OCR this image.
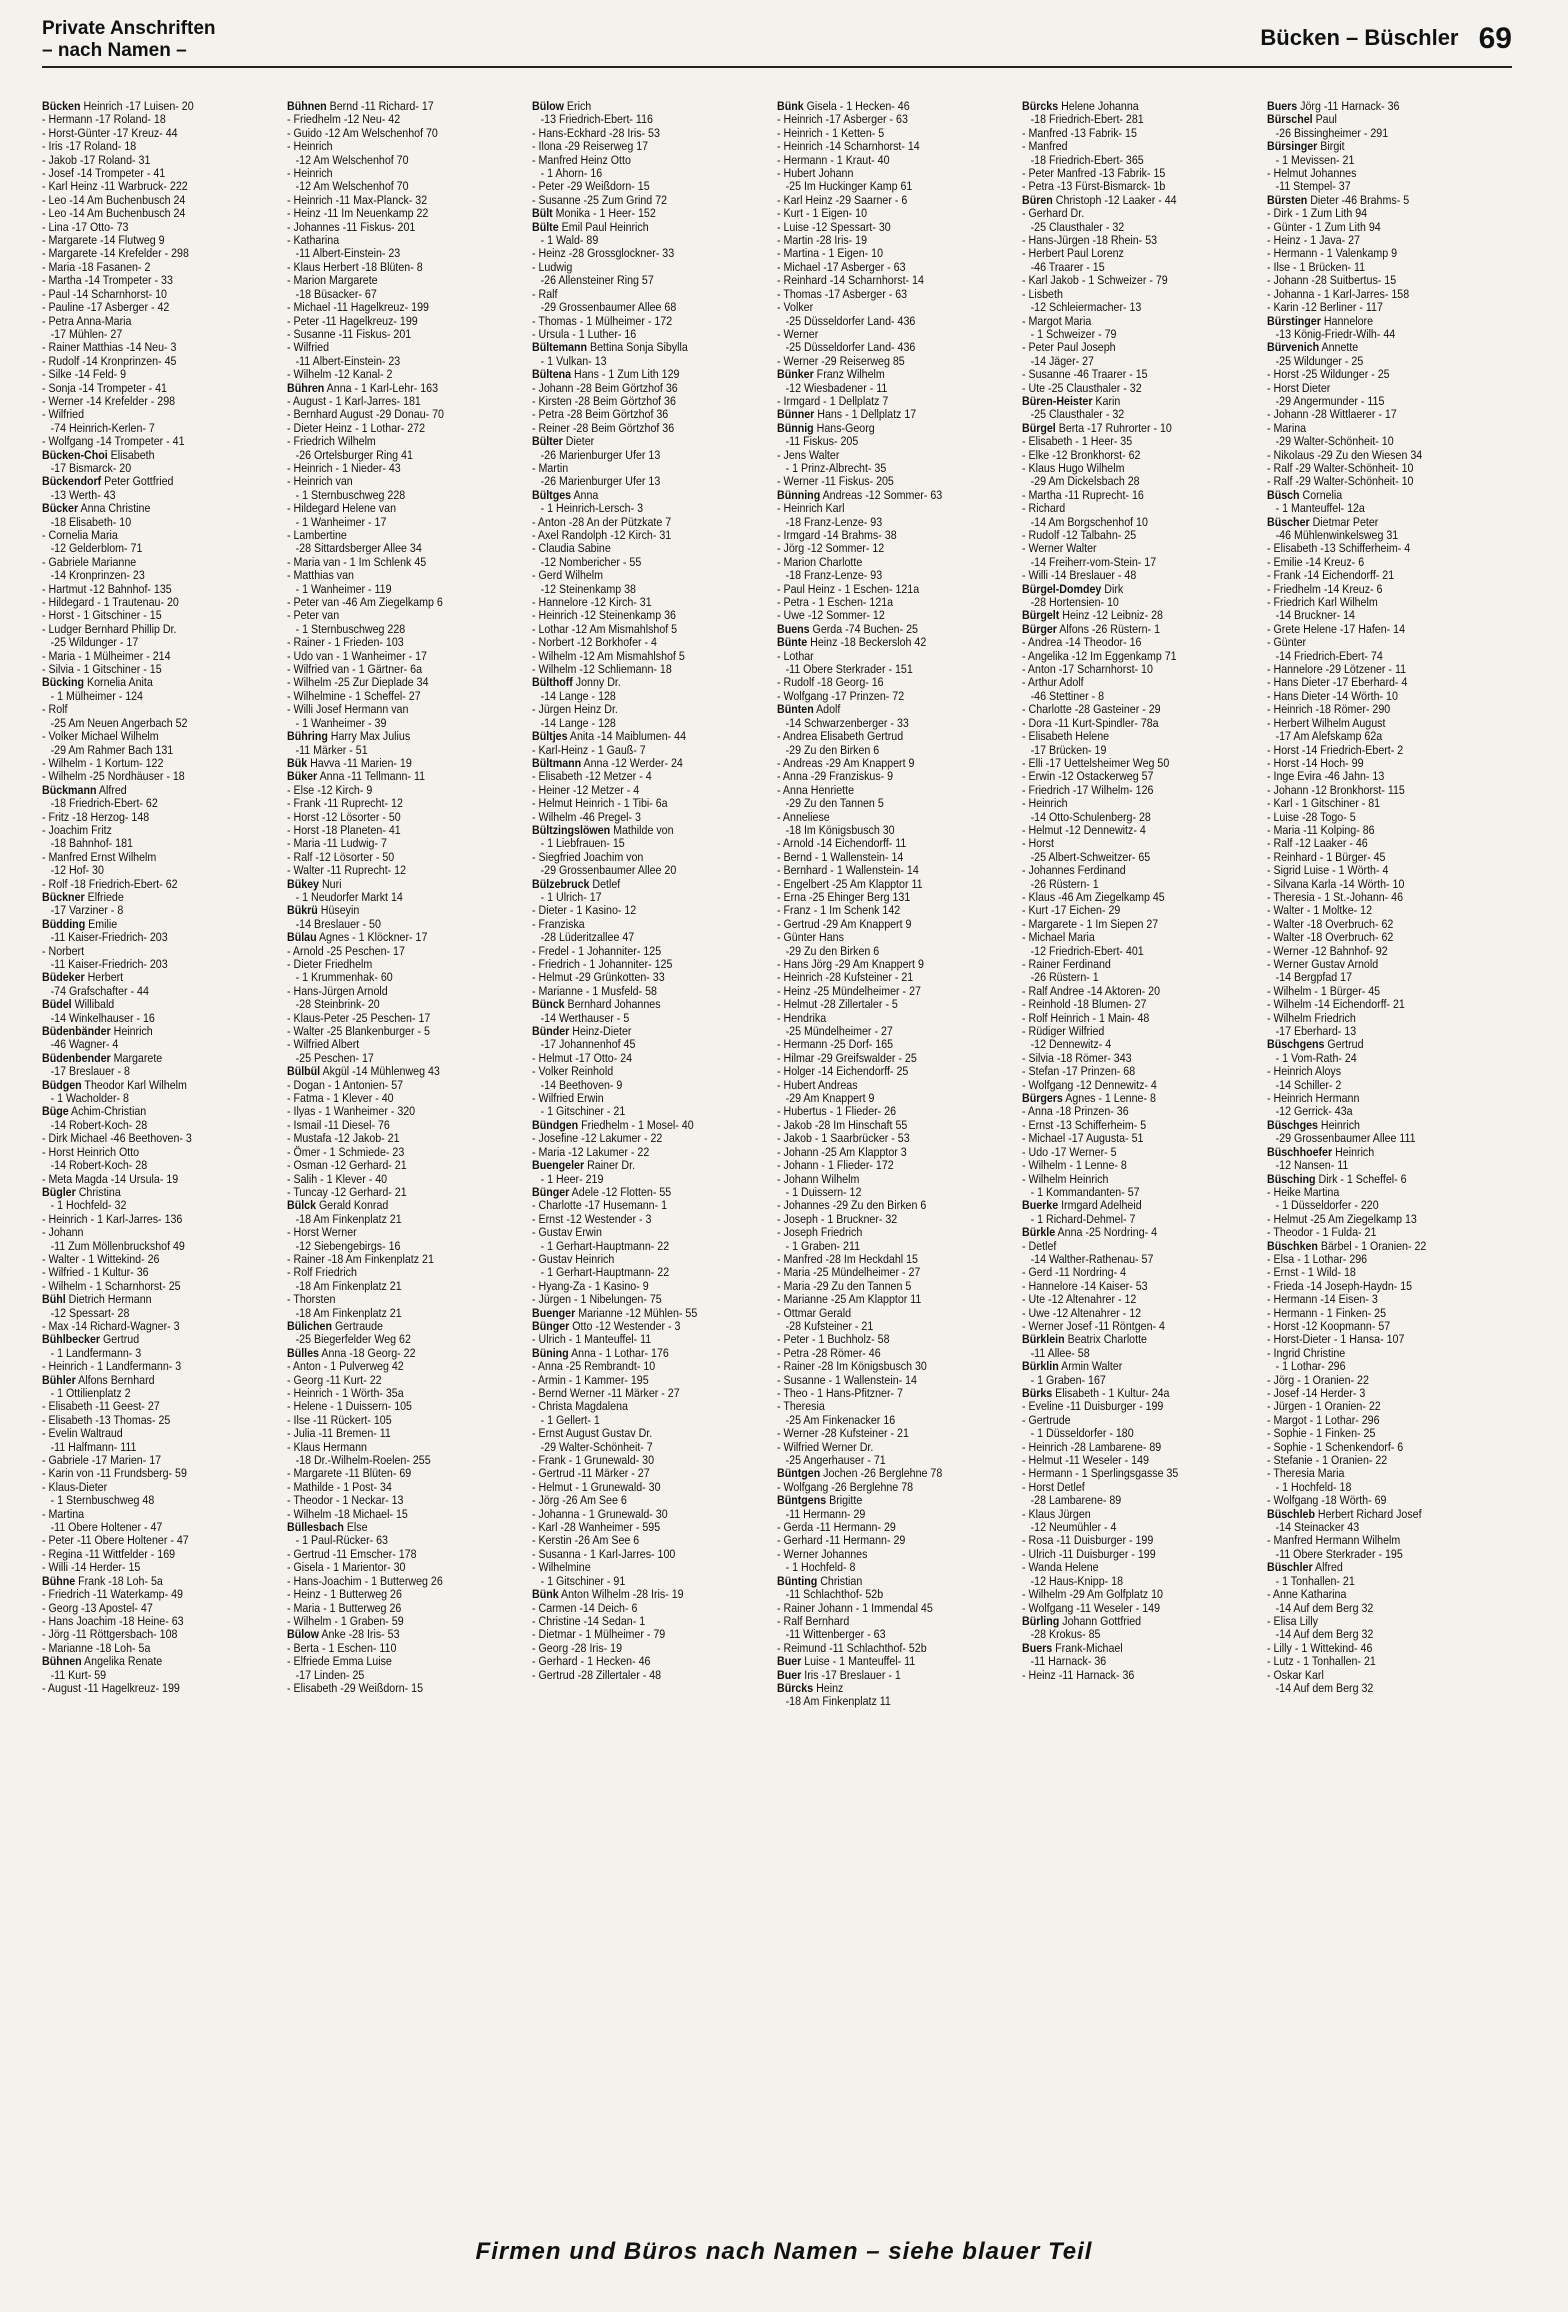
Private Anschriften
– nach Namen –
Bücken – Büschler 69
Bücken Heinrich -17 Luisen- 20
- Hermann -17 Roland- 18
- Horst-Günter -17 Kreuz- 44
- Iris -17 Roland- 18
- Jakob -17 Roland- 31
- Josef -14 Trompeter - 41
- Karl Heinz -11 Warbruck- 222
- Leo -14 Am Buchenbusch 24
- Leo -14 Am Buchenbusch 24
- Lina -17 Otto- 73
- Margarete -14 Flutweg 9
- Margarete -14 Krefelder - 298
- Maria -18 Fasanen- 2
- Martha -14 Trompeter - 33
- Paul -14 Scharnhorst- 10
- Pauline -17 Asberger - 42
- Petra Anna-Maria
-17 Mühlen- 27
- Rainer Matthias -14 Neu- 3
- Rudolf -14 Kronprinzen- 45
- Silke -14 Feld- 9
- Sonja -14 Trompeter - 41
- Werner -14 Krefelder - 298
- Wilfried
-74 Heinrich-Kerlen- 7
- Wolfgang -14 Trompeter - 41
Bücken-Choi Elisabeth
-17 Bismarck- 20
Bückendorf Peter Gottfried
-13 Werth- 43
Bücker Anna Christine
-18 Elisabeth- 10
- Cornelia Maria
-12 Gelderblom- 71
- Gabriele Marianne
-14 Kronprinzen- 23
- Hartmut -12 Bahnhof- 135
- Hildegard - 1 Trautenau- 20
- Horst - 1 Gitschiner - 15
- Ludger Bernhard Phillip Dr.
-25 Wildunger - 17
- Maria - 1 Mülheimer - 214
- Silvia - 1 Gitschiner - 15
Bücking Kornelia Anita
- 1 Mülheimer - 124
- Rolf
-25 Am Neuen Angerbach 52
- Volker Michael Wilhelm
-29 Am Rahmer Bach 131
- Wilhelm - 1 Kortum- 122
- Wilhelm -25 Nordhäuser - 18
Bückmann Alfred
-18 Friedrich-Ebert- 62
- Fritz -18 Herzog- 148
- Joachim Fritz
-18 Bahnhof- 181
- Manfred Ernst Wilhelm
-12 Hof- 30
- Rolf -18 Friedrich-Ebert- 62
Bückner Elfriede
-17 Varziner - 8
Büdding Emilie
-11 Kaiser-Friedrich- 203
- Norbert
-11 Kaiser-Friedrich- 203
Büdeker Herbert
-74 Grafschafter - 44
Büdel Willibald
-14 Winkelhauser - 16
Büdenbänder Heinrich
-46 Wagner- 4
Büdenbender Margarete
-17 Breslauer - 8
Büdgen Theodor Karl Wilhelm
- 1 Wacholder- 8
Büge Achim-Christian
-14 Robert-Koch- 28
- Dirk Michael -46 Beethoven- 3
- Horst Heinrich Otto
-14 Robert-Koch- 28
- Meta Magda -14 Ursula- 19
Bügler Christina
- 1 Hochfeld- 32
- Heinrich - 1 Karl-Jarres- 136
- Johann
-11 Zum Möllenbruckshof 49
- Walter - 1 Wittekind- 26
- Wilfried - 1 Kultur- 36
- Wilhelm - 1 Scharnhorst- 25
Bühl Dietrich Hermann
-12 Spessart- 28
- Max -14 Richard-Wagner- 3
Bühlbecker Gertrud
- 1 Landfermann- 3
- Heinrich - 1 Landfermann- 3
Bühler Alfons Bernhard
- 1 Ottilienplatz 2
- Elisabeth -11 Geest- 27
- Elisabeth -13 Thomas- 25
- Evelin Waltraud
-11 Halfmann- 111
- Gabriele -17 Marien- 17
- Karin von -11 Frundsberg- 59
- Klaus-Dieter
- 1 Sternbuschweg 48
- Martina
-11 Obere Holtener - 47
- Peter -11 Obere Holtener - 47
- Regina -11 Wittfelder - 169
- Willi -14 Herder- 15
Bühne Frank -18 Loh- 5a
- Friedrich -11 Waterkamp- 49
- Georg -13 Apostel- 47
- Hans Joachim -18 Heine- 63
- Jörg -11 Röttgersbach- 108
- Marianne -18 Loh- 5a
Bühnen Angelika Renate
-11 Kurt- 59
- August -11 Hagelkreuz- 199
Bühnen Bernd -11 Richard- 17
- Friedhelm -12 Neu- 42
- Guido -12 Am Welschenhof 70
- Heinrich
-12 Am Welschenhof 70
- Heinrich
-12 Am Welschenhof 70
- Heinrich -11 Max-Planck- 32
- Heinz -11 Im Neuenkamp 22
- Johannes -11 Fiskus- 201
- Katharina
-11 Albert-Einstein- 23
- Klaus Herbert -18 Blüten- 8
- Marion Margarete
-18 Büsacker- 67
- Michael -11 Hagelkreuz- 199
- Peter -11 Hagelkreuz- 199
- Susanne -11 Fiskus- 201
- Wilfried
-11 Albert-Einstein- 23
- Wilhelm -12 Kanal- 2
Bühren Anna - 1 Karl-Lehr- 163
- August - 1 Karl-Jarres- 181
- Bernhard August -29 Donau- 70
- Dieter Heinz - 1 Lothar- 272
- Friedrich Wilhelm
-26 Ortelsburger Ring 41
- Heinrich - 1 Nieder- 43
- Heinrich van
- 1 Sternbuschweg 228
- Hildegard Helene van
- 1 Wanheimer - 17
- Lambertine
-28 Sittardsberger Allee 34
- Maria van - 1 Im Schlenk 45
- Matthias van
- 1 Wanheimer - 119
- Peter van -46 Am Ziegelkamp 6
- Peter van
- 1 Sternbuschweg 228
- Rainer - 1 Frieden- 103
- Udo van - 1 Wanheimer - 17
- Wilfried van - 1 Gärtner- 6a
- Wilhelm -25 Zur Dieplade 34
- Wilhelmine - 1 Scheffel- 27
- Willi Josef Hermann van
- 1 Wanheimer - 39
Bühring Harry Max Julius
-11 Märker - 51
Bük Havva -11 Marien- 19
Büker Anna -11 Tellmann- 11
- Else -12 Kirch- 9
- Frank -11 Ruprecht- 12
- Horst -12 Lösorter - 50
- Horst -18 Planeten- 41
- Maria -11 Ludwig- 7
- Ralf -12 Lösorter - 50
- Walter -11 Ruprecht- 12
Bükey Nuri
- 1 Neudorfer Markt 14
Bükrü Hüseyin
-14 Breslauer - 50
Bülau Agnes - 1 Klöckner- 17
- Arnold -25 Peschen- 17
- Dieter Friedhelm
- 1 Krummenhak- 60
- Hans-Jürgen Arnold
-28 Steinbrink- 20
- Klaus-Peter -25 Peschen- 17
- Walter -25 Blankenburger - 5
- Wilfried Albert
-25 Peschen- 17
Bülbül Akgül -14 Mühlenweg 43
- Dogan - 1 Antonien- 57
- Fatma - 1 Klever - 40
- Ilyas - 1 Wanheimer - 320
- Ismail -11 Diesel- 76
- Mustafa -12 Jakob- 21
- Ömer - 1 Schmiede- 23
- Osman -12 Gerhard- 21
- Salih - 1 Klever - 40
- Tuncay -12 Gerhard- 21
Bülck Gerald Konrad
-18 Am Finkenplatz 21
- Horst Werner
-12 Siebengebirgs- 16
- Rainer -18 Am Finkenplatz 21
- Rolf Friedrich
-18 Am Finkenplatz 21
- Thorsten
-18 Am Finkenplatz 21
Bülichen Gertraude
-25 Biegerfelder Weg 62
Bülles Anna -18 Georg- 22
- Anton - 1 Pulverweg 42
- Georg -11 Kurt- 22
- Heinrich - 1 Wörth- 35a
- Helene - 1 Duissern- 105
- Ilse -11 Rückert- 105
- Julia -11 Bremen- 11
- Klaus Hermann
-18 Dr.-Wilhelm-Roelen- 255
- Margarete -11 Blüten- 69
- Mathilde - 1 Post- 34
- Theodor - 1 Neckar- 13
- Wilhelm -18 Michael- 15
Büllesbach Else
- 1 Paul-Rücker- 63
- Gertrud -11 Emscher- 178
- Gisela - 1 Marientor- 30
- Hans-Joachim - 1 Butterweg 26
- Heinz - 1 Butterweg 26
- Maria - 1 Butterweg 26
- Wilhelm - 1 Graben- 59
Bülow Anke -28 Iris- 53
- Berta - 1 Eschen- 110
- Elfriede Emma Luise
-17 Linden- 25
- Elisabeth -29 Weißdorn- 15
Bülow Erich
-13 Friedrich-Ebert- 116
- Hans-Eckhard -28 Iris- 53
- Ilona -29 Reiserweg 17
- Manfred Heinz Otto
- 1 Ahorn- 16
- Peter -29 Weißdorn- 15
- Susanne -25 Zum Grind 72
Bült Monika - 1 Heer- 152
Bülte Emil Paul Heinrich
- 1 Wald- 89
- Heinz -28 Grossglockner- 33
- Ludwig
-26 Allensteiner Ring 57
- Ralf
-29 Grossenbaumer Allee 68
- Thomas - 1 Mülheimer - 172
- Ursula - 1 Luther- 16
Bültemann Bettina Sonja Sibylla
- 1 Vulkan- 13
Bültena Hans - 1 Zum Lith 129
- Johann -28 Beim Görtzhof 36
- Kirsten -28 Beim Görtzhof 36
- Petra -28 Beim Görtzhof 36
- Reiner -28 Beim Görtzhof 36
Bülter Dieter
-26 Marienburger Ufer 13
- Martin
-26 Marienburger Ufer 13
Bültges Anna
- 1 Heinrich-Lersch- 3
- Anton -28 An der Pützkate 7
- Axel Randolph -12 Kirch- 31
- Claudia Sabine
-12 Nombericher - 55
- Gerd Wilhelm
-12 Steinenkamp 38
- Hannelore -12 Kirch- 31
- Heinrich -12 Steinenkamp 36
- Lothar -12 Am Mismahlshof 5
- Norbert -12 Borkhofer - 4
- Wilhelm -12 Am Mismahlshof 5
- Wilhelm -12 Schliemann- 18
Bülthoff Jonny Dr.
-14 Lange - 128
- Jürgen Heinz Dr.
-14 Lange - 128
Bültjes Anita -14 Maiblumen- 44
- Karl-Heinz - 1 Gauß- 7
Bültmann Anna -12 Werder- 24
- Elisabeth -12 Metzer - 4
- Heiner -12 Metzer - 4
- Helmut Heinrich - 1 Tibi- 6a
- Wilhelm -46 Pregel- 3
Bültzingslöwen Mathilde von
- 1 Liebfrauen- 15
- Siegfried Joachim von
-29 Grossenbaumer Allee 20
Bülzebruck Detlef
- 1 Ulrich- 17
- Dieter - 1 Kasino- 12
- Franziska
-28 Lüderitzallee 47
- Fredel - 1 Johanniter- 125
- Friedrich - 1 Johanniter- 125
- Helmut -29 Grünkotten- 33
- Marianne - 1 Musfeld- 58
Bünck Bernhard Johannes
-14 Werthauser - 5
Bünder Heinz-Dieter
-17 Johannenhof 45
- Helmut -17 Otto- 24
- Volker Reinhold
-14 Beethoven- 9
- Wilfried Erwin
- 1 Gitschiner - 21
Bündgen Friedhelm - 1 Mosel- 40
- Josefine -12 Lakumer - 22
- Maria -12 Lakumer - 22
Buengeler Rainer Dr.
- 1 Heer- 219
Bünger Adele -12 Flotten- 55
- Charlotte -17 Husemann- 1
- Ernst -12 Westender - 3
- Gustav Erwin
- 1 Gerhart-Hauptmann- 22
- Gustav Heinrich
- 1 Gerhart-Hauptmann- 22
- Hyang-Za - 1 Kasino- 9
- Jürgen - 1 Nibelungen- 75
Buenger Marianne -12 Mühlen- 55
Bünger Otto -12 Westender - 3
- Ulrich - 1 Manteuffel- 11
Büning Anna - 1 Lothar- 176
- Anna -25 Rembrandt- 10
- Armin - 1 Kammer- 195
- Bernd Werner -11 Märker - 27
- Christa Magdalena
- 1 Gellert- 1
- Ernst August Gustav Dr.
-29 Walter-Schönheit- 7
- Frank - 1 Grunewald- 30
- Gertrud -11 Märker - 27
- Helmut - 1 Grunewald- 30
- Jörg -26 Am See 6
- Johanna - 1 Grunewald- 30
- Karl -28 Wanheimer - 595
- Kerstin -26 Am See 6
- Susanna - 1 Karl-Jarres- 100
- Wilhelmine
- 1 Gitschiner - 91
Bünk Anton Wilhelm -28 Iris- 19
- Carmen -14 Deich- 6
- Christine -14 Sedan- 1
- Dietmar - 1 Mülheimer - 79
- Georg -28 Iris- 19
- Gerhard - 1 Hecken- 46
- Gertrud -28 Zillertaler - 48
Bünk Gisela - 1 Hecken- 46
- Heinrich -17 Asberger - 63
- Heinrich - 1 Ketten- 5
- Heinrich -14 Scharnhorst- 14
- Hermann - 1 Kraut- 40
- Hubert Johann
-25 Im Huckinger Kamp 61
- Karl Heinz -29 Saarner - 6
- Kurt - 1 Eigen- 10
- Luise -12 Spessart- 30
- Martin -28 Iris- 19
- Martina - 1 Eigen- 10
- Michael -17 Asberger - 63
- Reinhard -14 Scharnhorst- 14
- Thomas -17 Asberger - 63
- Volker
-25 Düsseldorfer Land- 436
- Werner
-25 Düsseldorfer Land- 436
- Werner -29 Reiserweg 85
Bünker Franz Wilhelm
-12 Wiesbadener - 11
- Irmgard - 1 Dellplatz 7
Bünner Hans - 1 Dellplatz 17
Bünnig Hans-Georg
-11 Fiskus- 205
- Jens Walter
- 1 Prinz-Albrecht- 35
- Werner -11 Fiskus- 205
Bünning Andreas -12 Sommer- 63
- Heinrich Karl
-18 Franz-Lenze- 93
- Irmgard -14 Brahms- 38
- Jörg -12 Sommer- 12
- Marion Charlotte
-18 Franz-Lenze- 93
- Paul Heinz - 1 Eschen- 121a
- Petra - 1 Eschen- 121a
- Uwe -12 Sommer- 12
Buens Gerda -74 Buchen- 25
Bünte Heinz -18 Beckersloh 42
- Lothar
-11 Obere Sterkrader - 151
- Rudolf -18 Georg- 16
- Wolfgang -17 Prinzen- 72
Bünten Adolf
-14 Schwarzenberger - 33
- Andrea Elisabeth Gertrud
-29 Zu den Birken 6
- Andreas -29 Am Knappert 9
- Anna -29 Franziskus- 9
- Anna Henriette
-29 Zu den Tannen 5
- Anneliese
-18 Im Königsbusch 30
- Arnold -14 Eichendorff- 11
- Bernd - 1 Wallenstein- 14
- Bernhard - 1 Wallenstein- 14
- Engelbert -25 Am Klapptor 11
- Erna -25 Ehinger Berg 131
- Franz - 1 Im Schenk 142
- Gertrud -29 Am Knappert 9
- Günter Hans
-29 Zu den Birken 6
- Hans Jörg -29 Am Knappert 9
- Heinrich -28 Kufsteiner - 21
- Heinz -25 Mündelheimer - 27
- Helmut -28 Zillertaler - 5
- Hendrika
-25 Mündelheimer - 27
- Hermann -25 Dorf- 165
- Hilmar -29 Greifswalder - 25
- Holger -14 Eichendorff- 25
- Hubert Andreas
-29 Am Knappert 9
- Hubertus - 1 Flieder- 26
- Jakob -28 Im Hinschaft 55
- Jakob - 1 Saarbrücker - 53
- Johann -25 Am Klapptor 3
- Johann - 1 Flieder- 172
- Johann Wilhelm
- 1 Duissern- 12
- Johannes -29 Zu den Birken 6
- Joseph - 1 Bruckner- 32
- Joseph Friedrich
- 1 Graben- 211
- Manfred -28 Im Heckdahl 15
- Maria -25 Mündelheimer - 27
- Maria -29 Zu den Tannen 5
- Marianne -25 Am Klapptor 11
- Ottmar Gerald
-28 Kufsteiner - 21
- Peter - 1 Buchholz- 58
- Petra -28 Römer- 46
- Rainer -28 Im Königsbusch 30
- Susanne - 1 Wallenstein- 14
- Theo - 1 Hans-Pfitzner- 7
- Theresia
-25 Am Finkenacker 16
- Werner -28 Kufsteiner - 21
- Wilfried Werner Dr.
-25 Angerhauser - 71
Büntgen Jochen -26 Berglehne 78
- Wolfgang -26 Berglehne 78
Büntgens Brigitte
-11 Hermann- 29
- Gerda -11 Hermann- 29
- Gerhard -11 Hermann- 29
- Werner Johannes
- 1 Hochfeld- 8
Bünting Christian
-11 Schlachthof- 52b
- Rainer Johann - 1 Immendal 45
- Ralf Bernhard
-11 Wittenberger - 63
- Reimund -11 Schlachthof- 52b
Buer Luise - 1 Manteuffel- 11
Buer Iris -17 Breslauer - 1
Bürcks Heinz
-18 Am Finkenplatz 11
Bürcks Helene Johanna
-18 Friedrich-Ebert- 281
- Manfred -13 Fabrik- 15
- Manfred
-18 Friedrich-Ebert- 365
- Peter Manfred -13 Fabrik- 15
- Petra -13 Fürst-Bismarck- 1b
Büren Christoph -12 Laaker - 44
- Gerhard Dr.
-25 Clausthaler - 32
- Hans-Jürgen -18 Rhein- 53
- Herbert Paul Lorenz
-46 Traarer - 15
- Karl Jakob - 1 Schweizer - 79
- Lisbeth
-12 Schleiermacher- 13
- Margot Maria
- 1 Schweizer - 79
- Peter Paul Joseph
-14 Jäger- 27
- Susanne -46 Traarer - 15
- Ute -25 Clausthaler - 32
Büren-Heister Karin
-25 Clausthaler - 32
Bürgel Berta -17 Ruhrorter - 10
- Elisabeth - 1 Heer- 35
- Elke -12 Bronkhorst- 62
- Klaus Hugo Wilhelm
-29 Am Dickelsbach 28
- Martha -11 Ruprecht- 16
- Richard
-14 Am Borgschenhof 10
- Rudolf -12 Talbahn- 25
- Werner Walter
-14 Freiherr-vom-Stein- 17
- Willi -14 Breslauer - 48
Bürgel-Domdey Dirk
-28 Hortensien- 10
Bürgelt Heinz -12 Leibniz- 28
Bürger Alfons -26 Rüstern- 1
- Andrea -14 Theodor- 16
- Angelika -12 Im Eggenkamp 71
- Anton -17 Scharnhorst- 10
- Arthur Adolf
-46 Stettiner - 8
- Charlotte -28 Gasteiner - 29
- Dora -11 Kurt-Spindler- 78a
- Elisabeth Helene
-17 Brücken- 19
- Elli -17 Uettelsheimer Weg 50
- Erwin -12 Ostackerweg 57
- Friedrich -17 Wilhelm- 126
- Heinrich
-14 Otto-Schulenberg- 28
- Helmut -12 Dennewitz- 4
- Horst
-25 Albert-Schweitzer- 65
- Johannes Ferdinand
-26 Rüstern- 1
- Klaus -46 Am Ziegelkamp 45
- Kurt -17 Eichen- 29
- Margarete - 1 Im Siepen 27
- Michael Maria
-12 Friedrich-Ebert- 401
- Rainer Ferdinand
-26 Rüstern- 1
- Ralf Andree -14 Aktoren- 20
- Reinhold -18 Blumen- 27
- Rolf Heinrich - 1 Main- 48
- Rüdiger Wilfried
-12 Dennewitz- 4
- Silvia -18 Römer- 343
- Stefan -17 Prinzen- 68
- Wolfgang -12 Dennewitz- 4
Bürgers Agnes - 1 Lenne- 8
- Anna -18 Prinzen- 36
- Ernst -13 Schifferheim- 5
- Michael -17 Augusta- 51
- Udo -17 Werner- 5
- Wilhelm - 1 Lenne- 8
- Wilhelm Heinrich
- 1 Kommandanten- 57
Buerke Irmgard Adelheid
- 1 Richard-Dehmel- 7
Bürkle Anna -25 Nordring- 4
- Detlef
-14 Walther-Rathenau- 57
- Gerd -11 Nordring- 4
- Hannelore -14 Kaiser- 53
- Ute -12 Altenahrer - 12
- Uwe -12 Altenahrer - 12
- Werner Josef -11 Röntgen- 4
Bürklein Beatrix Charlotte
-11 Allee- 58
Bürklin Armin Walter
- 1 Graben- 167
Bürks Elisabeth - 1 Kultur- 24a
- Eveline -11 Duisburger - 199
- Gertrude
- 1 Düsseldorfer - 180
- Heinrich -28 Lambarene- 89
- Helmut -11 Weseler - 149
- Hermann - 1 Sperlingsgasse 35
- Horst Detlef
-28 Lambarene- 89
- Klaus Jürgen
-12 Neumühler - 4
- Rosa -11 Duisburger - 199
- Ulrich -11 Duisburger - 199
- Wanda Helene
-12 Haus-Knipp- 18
- Wilhelm -29 Am Golfplatz 10
- Wolfgang -11 Weseler - 149
Bürling Johann Gottfried
-28 Krokus- 85
Buers Frank-Michael
-11 Harnack- 36
- Heinz -11 Harnack- 36
Buers Jörg -11 Harnack- 36
Bürschel Paul
-26 Bissingheimer - 291
Bürsinger Birgit
- 1 Mevissen- 21
- Helmut Johannes
-11 Stempel- 37
Bürsten Dieter -46 Brahms- 5
- Dirk - 1 Zum Lith 94
- Günter - 1 Zum Lith 94
- Heinz - 1 Java- 27
- Hermann - 1 Valenkamp 9
- Ilse - 1 Brücken- 11
- Johann -28 Suitbertus- 15
- Johanna - 1 Karl-Jarres- 158
- Karin -12 Berliner - 117
Bürstinger Hannelore
-13 König-Friedr-Wilh- 44
Bürvenich Annette
-25 Wildunger - 25
- Horst -25 Wildunger - 25
- Horst Dieter
-29 Angermunder - 115
- Johann -28 Wittlaerer - 17
- Marina
-29 Walter-Schönheit- 10
- Nikolaus -29 Zu den Wiesen 34
- Ralf -29 Walter-Schönheit- 10
- Ralf -29 Walter-Schönheit- 10
Büsch Cornelia
- 1 Manteuffel- 12a
Büscher Dietmar Peter
-46 Mühlenwinkelsweg 31
- Elisabeth -13 Schifferheim- 4
- Emilie -14 Kreuz- 6
- Frank -14 Eichendorff- 21
- Friedhelm -14 Kreuz- 6
- Friedrich Karl Wilhelm
-14 Bruckner- 14
- Grete Helene -17 Hafen- 14
- Günter
-14 Friedrich-Ebert- 74
- Hannelore -29 Lötzener - 11
- Hans Dieter -17 Eberhard- 4
- Hans Dieter -14 Wörth- 10
- Heinrich -18 Römer- 290
- Herbert Wilhelm August
-17 Am Alefskamp 62a
- Horst -14 Friedrich-Ebert- 2
- Horst -14 Hoch- 99
- Inge Evira -46 Jahn- 13
- Johann -12 Bronkhorst- 115
- Karl - 1 Gitschiner - 81
- Luise -28 Togo- 5
- Maria -11 Kolping- 86
- Ralf -12 Laaker - 46
- Reinhard - 1 Bürger- 45
- Sigrid Luise - 1 Wörth- 4
- Silvana Karla -14 Wörth- 10
- Theresia - 1 St.-Johann- 46
- Walter - 1 Moltke- 12
- Walter -18 Overbruch- 62
- Walter -18 Overbruch- 62
- Werner -12 Bahnhof- 92
- Werner Gustav Arnold
-14 Bergpfad 17
- Wilhelm - 1 Bürger- 45
- Wilhelm -14 Eichendorff- 21
- Wilhelm Friedrich
-17 Eberhard- 13
Büschgens Gertrud
- 1 Vom-Rath- 24
- Heinrich Aloys
-14 Schiller- 2
- Heinrich Hermann
-12 Gerrick- 43a
Büschges Heinrich
-29 Grossenbaumer Allee 111
Büschhoefer Heinrich
-12 Nansen- 11
Büsching Dirk - 1 Scheffel- 6
- Heike Martina
- 1 Düsseldorfer - 220
- Helmut -25 Am Ziegelkamp 13
- Theodor - 1 Fulda- 21
Büschken Bärbel - 1 Oranien- 22
- Elsa - 1 Lothar- 296
- Ernst - 1 Wild- 18
- Frieda -14 Joseph-Haydn- 15
- Hermann -14 Eisen- 3
- Hermann - 1 Finken- 25
- Horst -12 Koopmann- 57
- Horst-Dieter - 1 Hansa- 107
- Ingrid Christine
- 1 Lothar- 296
- Jörg - 1 Oranien- 22
- Josef -14 Herder- 3
- Jürgen - 1 Oranien- 22
- Margot - 1 Lothar- 296
- Sophie - 1 Finken- 25
- Sophie - 1 Schenkendorf- 6
- Stefanie - 1 Oranien- 22
- Theresia Maria
- 1 Hochfeld- 18
- Wolfgang -18 Wörth- 69
Büschleb Herbert Richard Josef
-14 Steinacker 43
- Manfred Hermann Wilhelm
-11 Obere Sterkrader - 195
Büschler Alfred
- 1 Tonhallen- 21
- Anne Katharina
-14 Auf dem Berg 32
- Elisa Lilly
-14 Auf dem Berg 32
- Lilly - 1 Wittekind- 46
- Lutz - 1 Tonhallen- 21
- Oskar Karl
-14 Auf dem Berg 32
Firmen und Büros nach Namen – siehe blauer Teil
